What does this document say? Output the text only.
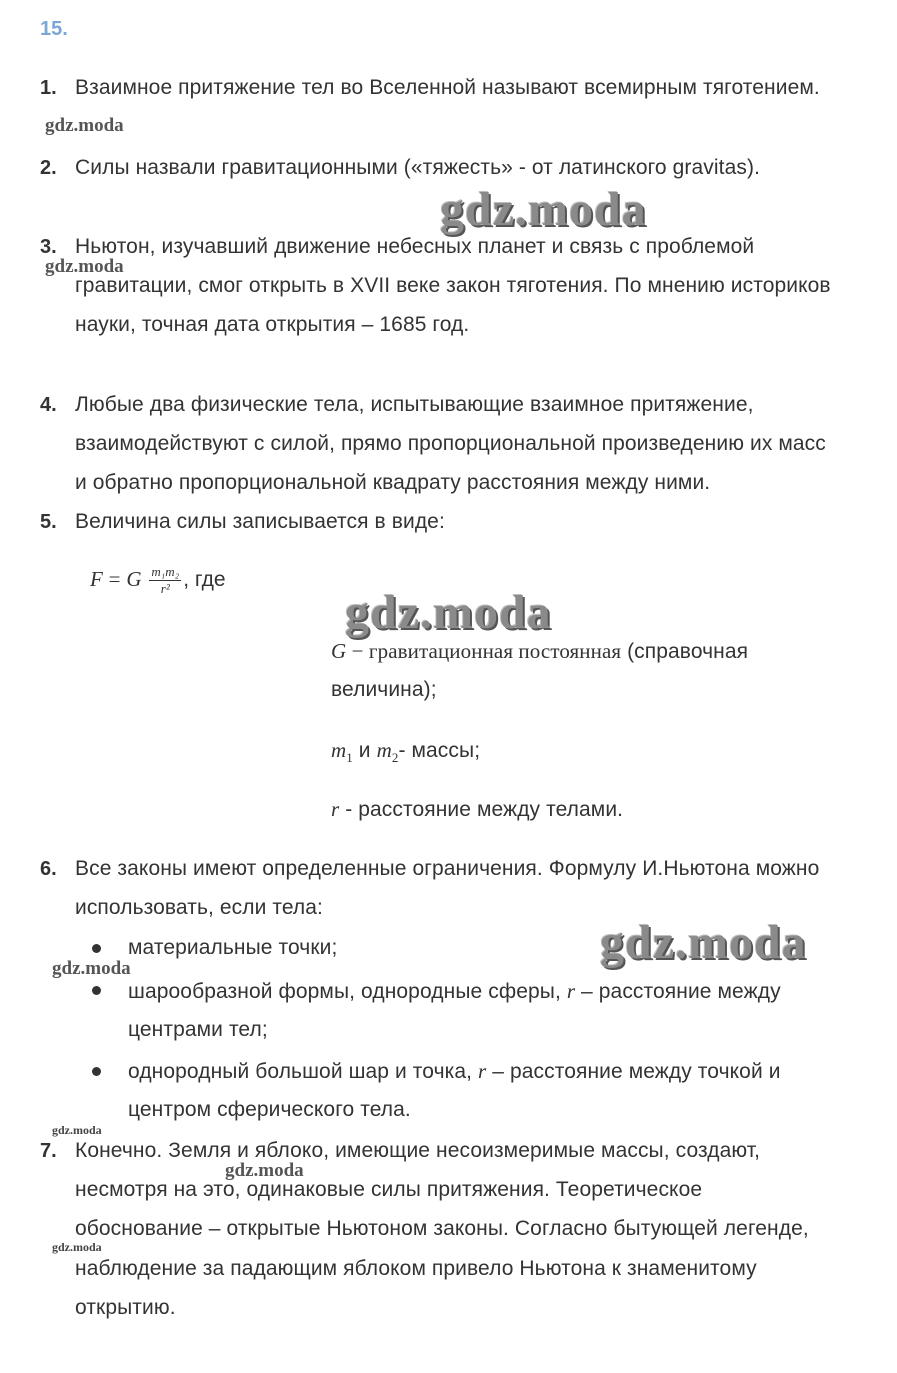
15.
1. Взаимное притяжение тел во Вселенной называют всемирным тяготением.
2. Силы назвали гравитационными («тяжесть» - от латинского gravitas).
3. Ньютон, изучавший движение небесных планет и связь с проблемой
гравитации, смог открыть в XVII веке закон тяготения. По мнению историков
науки, точная дата открытия – 1685 год.
4. Любые два физические тела, испытывающие взаимное притяжение,
взаимодействуют с силой, прямо пропорциональной произведению их масс
и обратно пропорциональной квадрату расстояния между ними.
5. Величина силы записывается в виде:
F = G $\frac{\text{m₁m₂}}{\text{r²}}$ , где
G − гравитационная постоянная (справочная
величина);
$m_1$ и $m_2-$ массы;
r - расстояние между телами.
6. Все законы имеют определенные ограничения. Формулу И.Ньютона можно
использовать, если тела:
материальные точки;
шарообразной формы, однородные сферы, r – расстояние между
центрами тел;
однородный большой шар и точка, r – расстояние между точкой и
центром сферического тела.
7. Конечно. Земля и яблоко, имеющие несоизмеримые массы, создают,
несмотря на это, одинаковые силы притяжения. Теоретическое
обоснование – открытые Ньютоном законы. Согласно бытующей легенде,
наблюдение за падающим яблоком привело Ньютона к знаменитому
открытию.
gdz.moda
gdz.moda
gdz.moda
gdz.moda
gdz.moda
gdz.moda
gdz.moda
gdz.moda
gdz.moda
